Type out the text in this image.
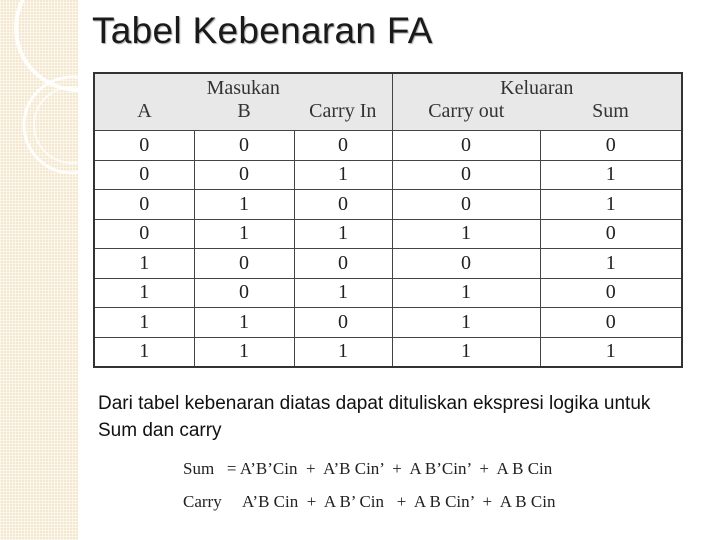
Tabel Kebenaran FA
Masukan			Keluaran	
A	B	Carry In	Carry out	Sum
0	0	0	0	0
0	0	1	0	1
0	1	0	0	1
0	1	1	1	0
1	0	0	0	1
1	0	1	1	0
1	1	0	1	0
1	1	1	1	1
Dari tabel kebenaran diatas dapat dituliskan ekspresi logika untuk Sum dan carry
Sum   = A’B’Cin  +  A’B Cin’  +  A B’Cin’  +  A B Cin
Carry     A’B Cin  +  A B’ Cin   +  A B Cin’  +  A B Cin
